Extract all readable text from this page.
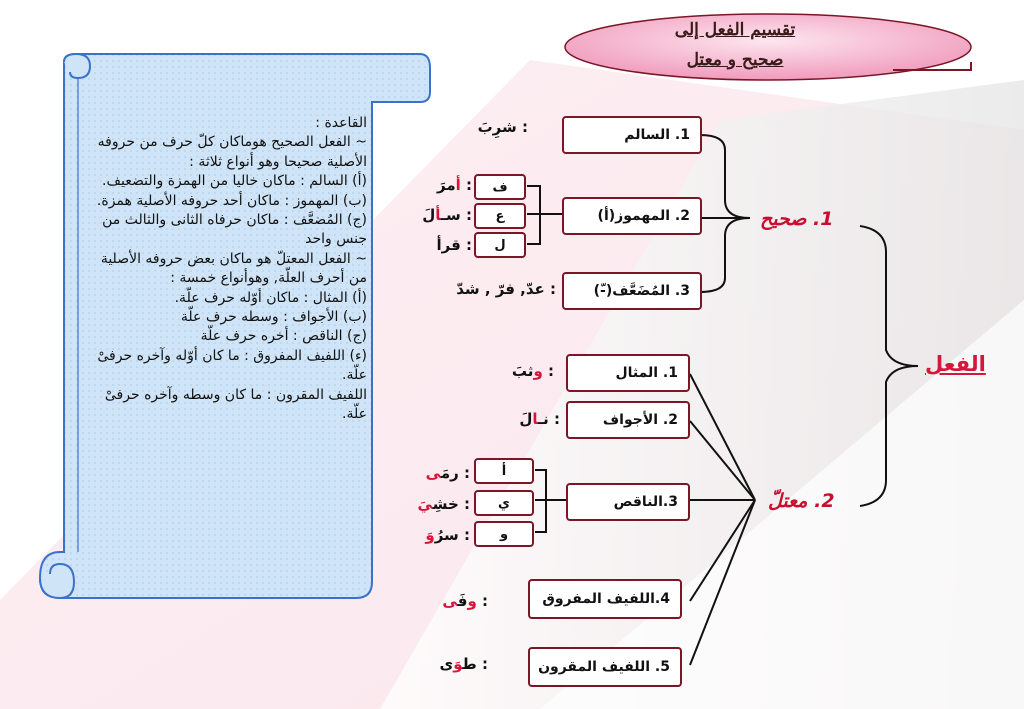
تقسيم الفعل إلى
صحيح و معتل
القاعدة :
~ الفعل الصحيح هوماكان كلّ حرف من حروفه الأصلية صحيحا وهو أنواع ثلاثة :
(أ) السالم : ماكان خاليا من الهمزة والتضعيف.
(ب) المهموز : ماكان أحد حروفه الأصلية همزة.
(ج) المُضعَّف : ماكان حرفاه الثانى والثالث من جنس واحد
~ الفعل المعتلّ هو ماكان بعض حروفه الأصلية من أحرف العلّة, وهوأنواع خمسة :
(أ) المثال : ماكان أوّله حرف علّة.
(ب) الأجواف : وسطه حرف علّة
(ج) الناقص : أخره حرف علّة
(ء) اللفيف المفروق : ما كان أوّله وآخره حرفىْ علّة.
اللفيف المقرون : ما كان وسطه وآخره حرفىْ علّة.
الفعل
1. صحيح
2. معتلّ
1. السالم
2. المهموز(أ)
3. المُضَعَّف(-ّ)
: شرِبَ
ف
ع
ل
: أمرَ
: سـألَ
: قرأ
: عدّ, فرّ , شدّ
1. المثال
2. الأجواف
3.الناقص
4.اللفيف المفروق
5. اللفيف المقرون
: وثبَ
: نـالَ
أ
ي
و
: رمَى
: خشِيَ
: سرُوَ
: وفَى
: طوَى
